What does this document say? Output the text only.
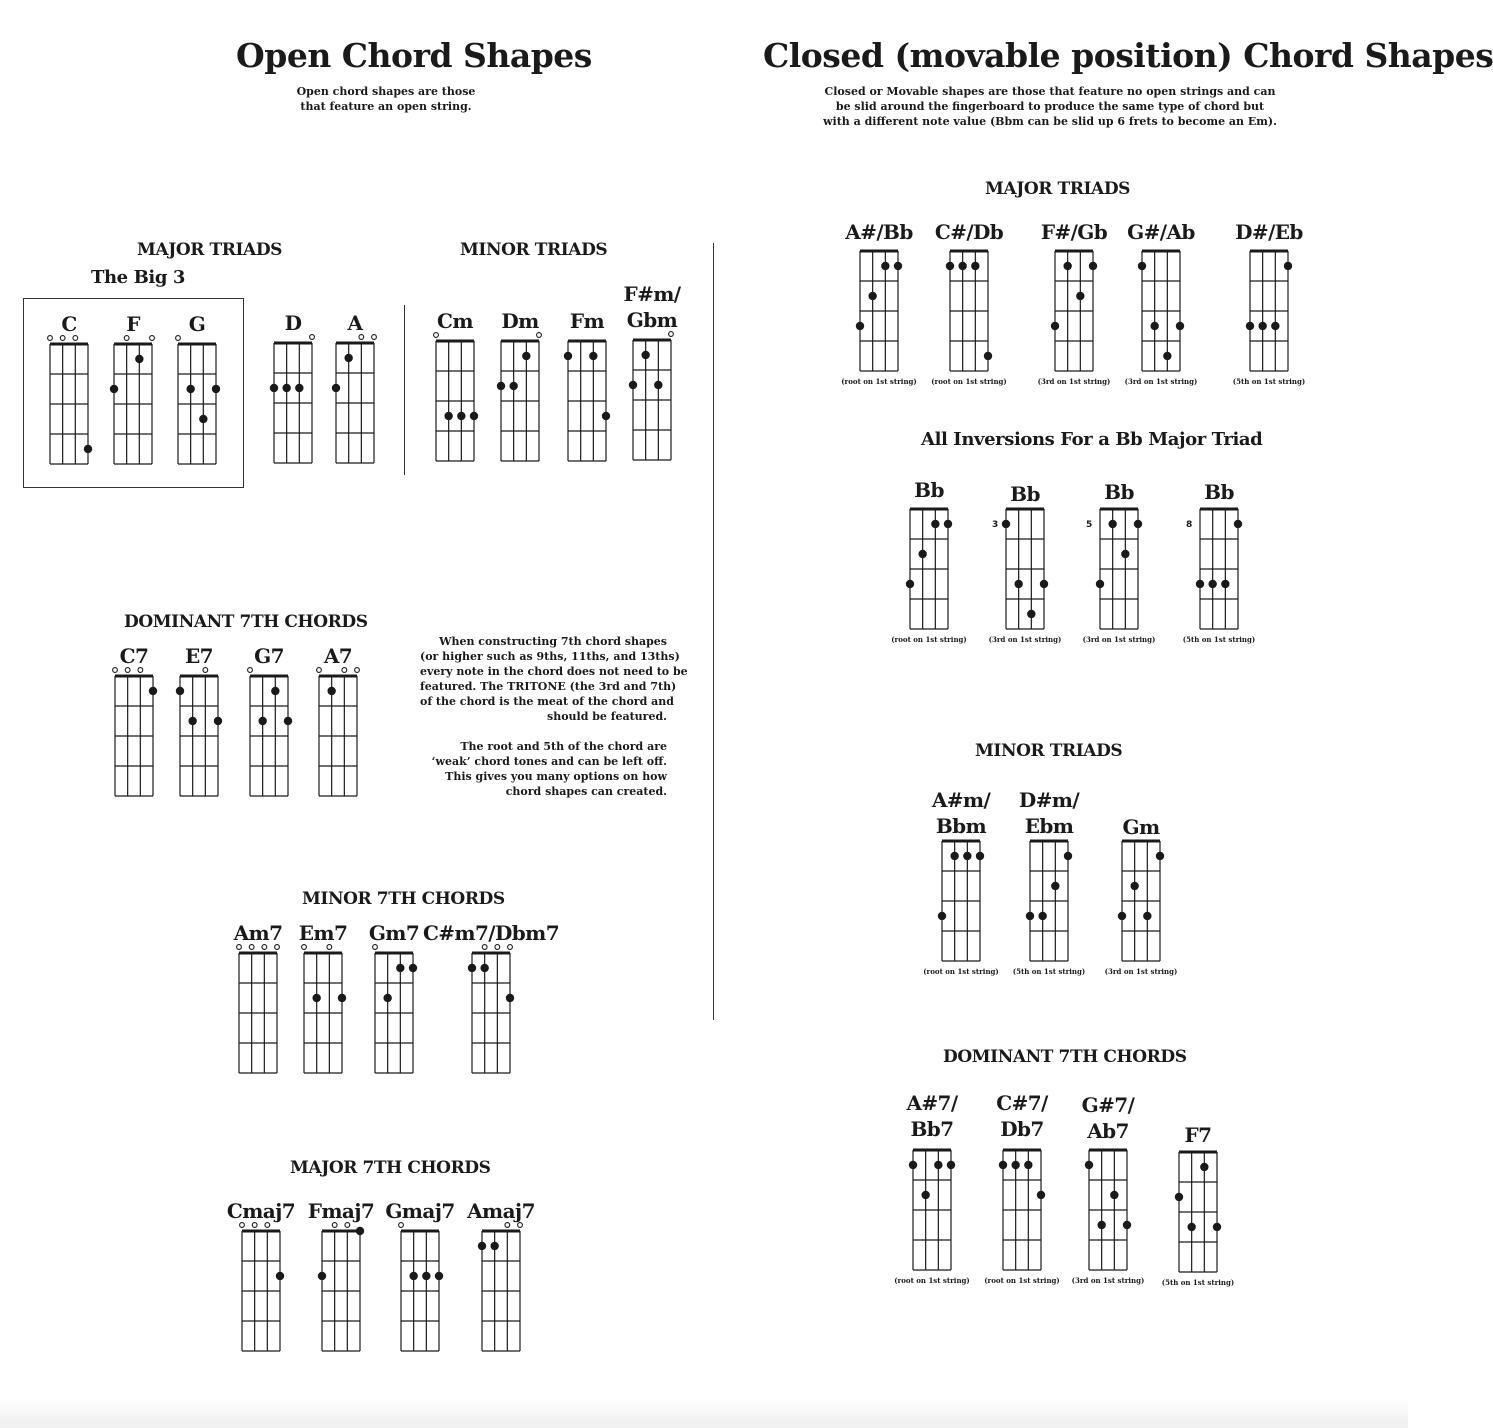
Open Chord Shapes
Open chord shapes are those
that feature an open string.
MAJOR TRIADS
The Big 3
MINOR TRIADS
DOMINANT 7TH CHORDS
When constructing 7th chord shapes
(or higher such as 9ths, 11ths, and 13ths)
every note in the chord does not need to be
featured. The TRITONE (the 3rd and 7th)
of the chord is the meat of the chord and
should be featured.
The root and 5th of the chord are
‘weak’ chord tones and can be left off.
This gives you many options on how
chord shapes can created.
MINOR 7TH CHORDS
MAJOR 7TH CHORDS
Closed (movable position) Chord Shapes
Closed or Movable shapes are those that feature no open strings and can
be slid around the fingerboard to produce the same type of chord but
with a different note value (Bbm can be slid up 6 frets to become an Em).
MAJOR TRIADS
All Inversions For a Bb Major Triad
MINOR TRIADS
DOMINANT 7TH CHORDS
C	F	G	D	A	Cm	Dm	Fm
F#m/
Gbm
C7	E7	G7	A7
Am7 Em7	Gm7 C#m7/Dbm7
Cmaj7 Fmaj7 Gmaj7 Amaj7
A#/Bb
(root on 1st string)
C#/Db
(root on 1st string)
F#/Gb
(3rd on 1st string)
G#/Ab
(3rd on 1st string)
D#/Eb
(5th on 1st string)
Bb
(root on 1st string)
Bb
3
(3rd on 1st string)
Bb
5
(3rd on 1st string)
Bb
8
(5th on 1st string)
A#m/
Bbm
(root on 1st string)
D#m/
Ebm
(5th on 1st string)
Gm
(3rd on 1st string)
A#7/
Bb7
(root on 1st string)
C#7/
Db7
(root on 1st string)
G#7/
Ab7
(3rd on 1st string)
F7
(5th on 1st string)
